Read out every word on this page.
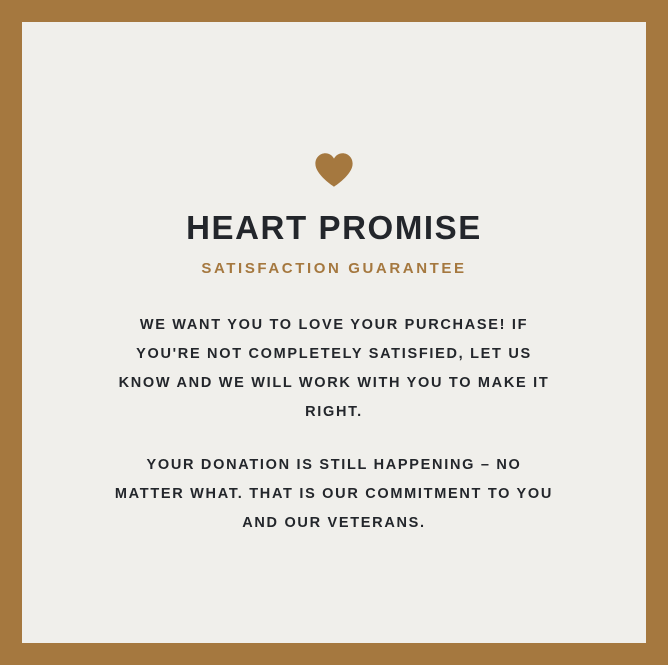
HEART PROMISE
SATISFACTION GUARANTEE
WE WANT YOU TO LOVE YOUR PURCHASE! IF YOU'RE NOT COMPLETELY SATISFIED, LET US KNOW AND WE WILL WORK WITH YOU TO MAKE IT RIGHT.
YOUR DONATION IS STILL HAPPENING – NO MATTER WHAT. THAT IS OUR COMMITMENT TO YOU AND OUR VETERANS.
